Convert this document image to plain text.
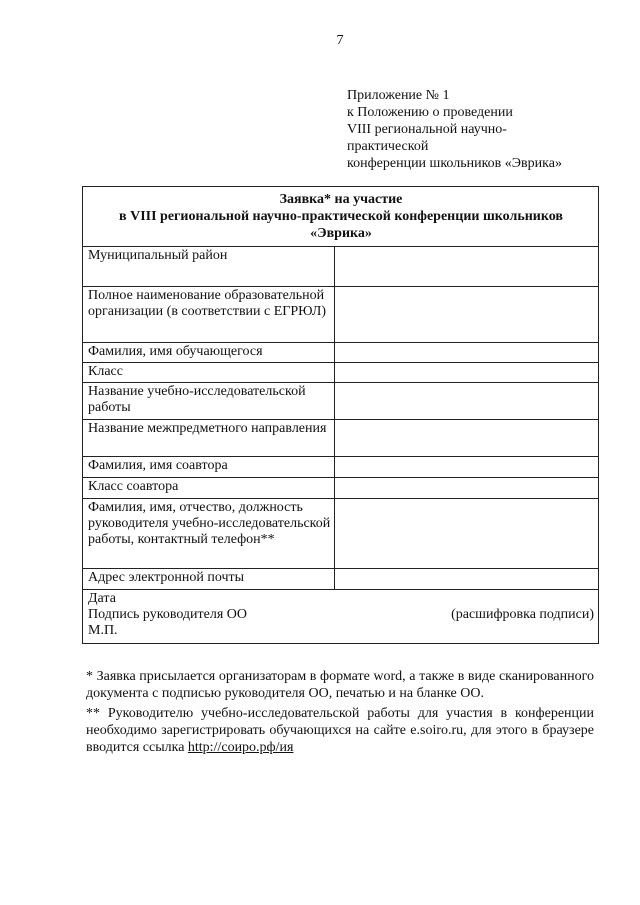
7
Приложение № 1
к Положению о проведении
VIII региональной научно-
практической
конференции школьников «Эврика»
Заявка* на участие
в VIII региональной научно-практической конференции школьников
«Эврика»	

Муниципальный район	
Полное наименование образовательной организации (в соответствии с ЕГРЮЛ)	
Фамилия, имя обучающегося	
Класс	
Название учебно-исследовательской работы	
Название межпредметного направления	
Фамилия, имя соавтора	
Класс соавтора	
Фамилия, имя, отчество, должность руководителя учебно-исследовательской работы, контактный телефон**	
Адрес электронной почты	

Дата
Подпись руководителя ОО (расшифровка подписи)
М.П.	

* Заявка присылается организаторам в формате word, а также в виде сканированного документа с подписью руководителя ОО, печатью и на бланке ОО.

** Руководителю учебно-исследовательской работы для участия в конференции необходимо зарегистрировать обучающихся на сайте e.soiro.ru, для этого в браузере вводится ссылка http://соиро.рф/ия
